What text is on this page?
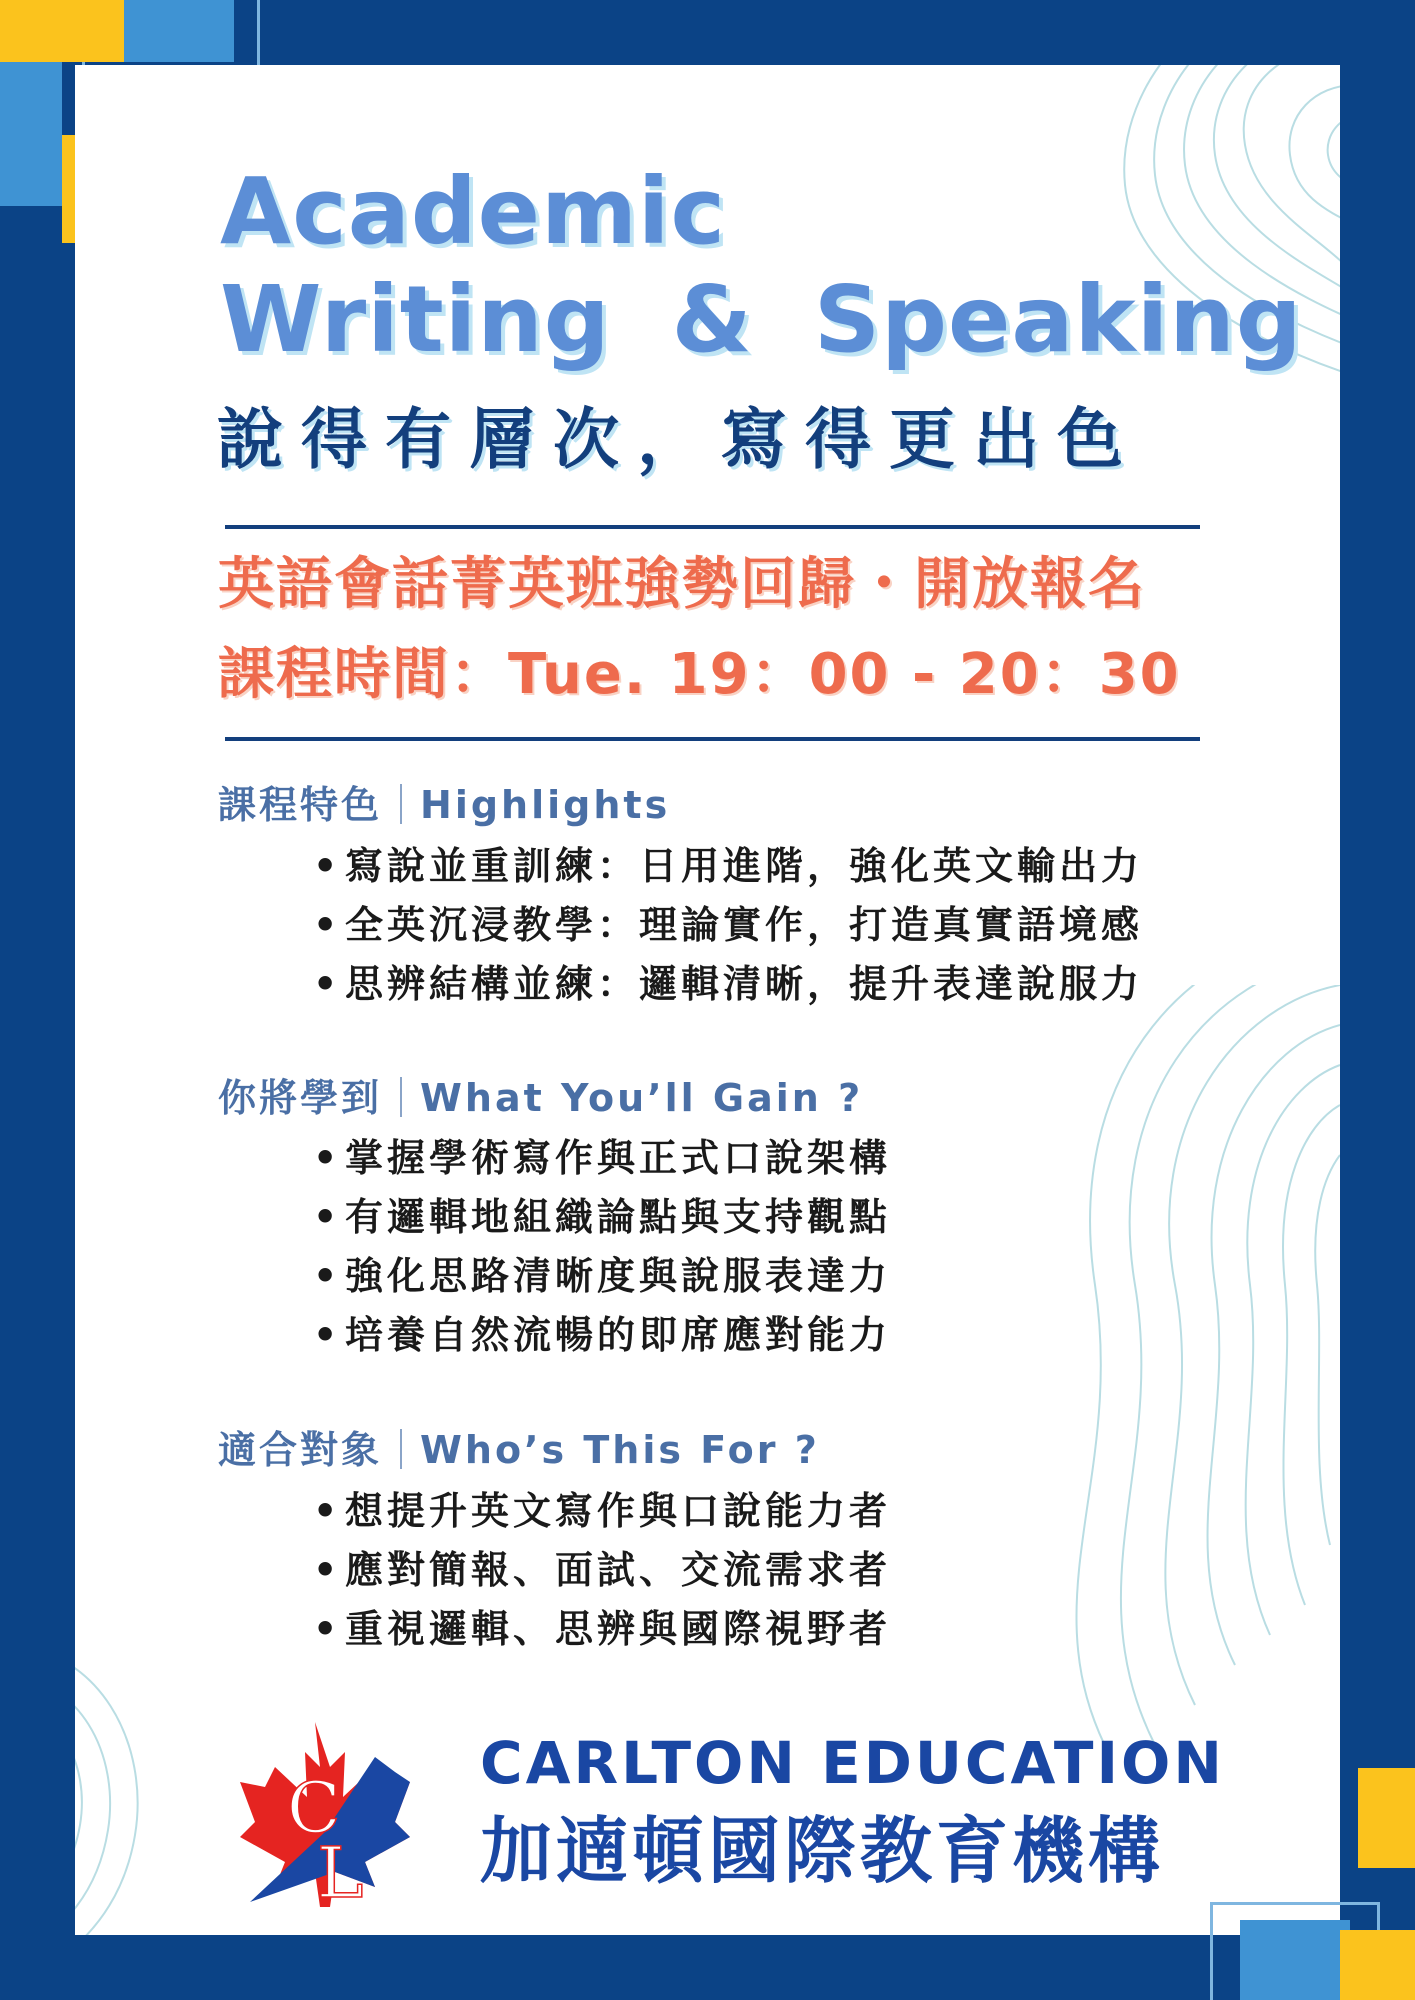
Academic
Writing & Speaking
說得有層次，寫得更出色
英語會話菁英班強勢回歸・開放報名
課程時間：Tue. 19：00 - 20：30
課程特色 Highlights
• 寫說並重訓練：日用進階，強化英文輸出力
• 全英沉浸教學：理論實作，打造真實語境感
• 思辨結構並練：邏輯清晰，提升表達說服力
你將學到 What You’ll Gain ?
• 掌握學術寫作與正式口說架構
• 有邏輯地組織論點與支持觀點
• 強化思路清晰度與說服表達力
• 培養自然流暢的即席應對能力
適合對象 Who’s This For ?
• 想提升英文寫作與口說能力者
• 應對簡報、面試、交流需求者
• 重視邏輯、思辨與國際視野者
C
L
CARLTON EDUCATION
加遖頓國際教育機構
